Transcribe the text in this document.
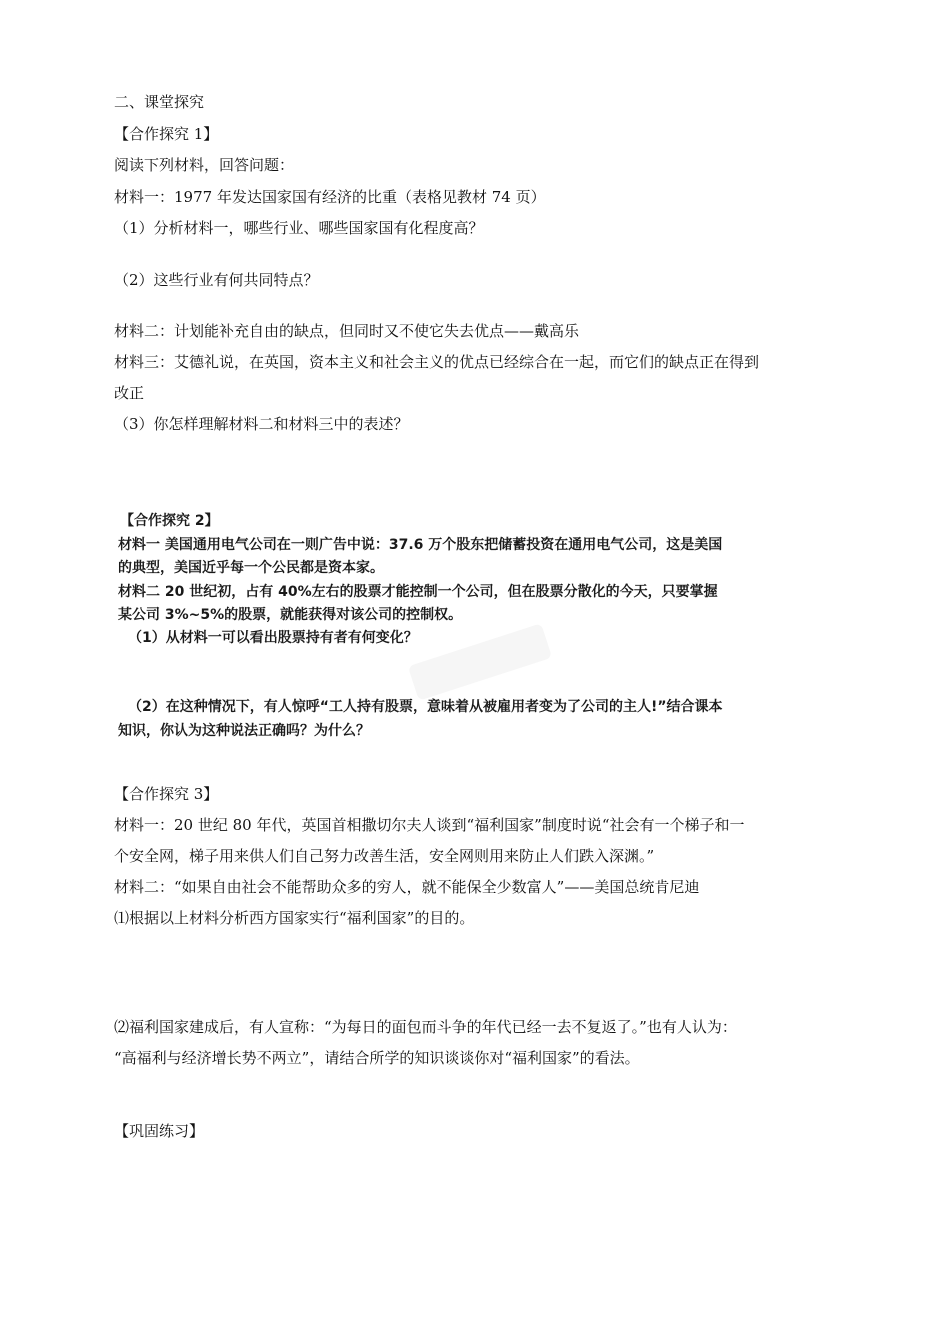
二、课堂探究
【合作探究 1】
阅读下列材料，回答问题：
材料一：1977 年发达国家国有经济的比重（表格见教材 74 页）
（1）分析材料一，哪些行业、哪些国家国有化程度高？
（2）这些行业有何共同特点？
材料二：计划能补充自由的缺点，但同时又不使它失去优点——戴高乐
材料三：艾德礼说，在英国，资本主义和社会主义的优点已经综合在一起，而它们的缺点正在得到
改正
（3）你怎样理解材料二和材料三中的表述？
【合作探究 2】
材料一 美国通用电气公司在一则广告中说：37.6 万个股东把储蓄投资在通用电气公司，这是美国
的典型，美国近乎每一个公民都是资本家。
材料二 20 世纪初，占有 40%左右的股票才能控制一个公司，但在股票分散化的今天，只要掌握
某公司 3%~5%的股票，就能获得对该公司的控制权。
（1）从材料一可以看出股票持有者有何变化？
（2）在这种情况下，有人惊呼“工人持有股票，意味着从被雇用者变为了公司的主人!”结合课本
知识，你认为这种说法正确吗？为什么？
【合作探究 3】
材料一：20 世纪 80 年代，英国首相撒切尔夫人谈到“福利国家”制度时说“社会有一个梯子和一
个安全网，梯子用来供人们自己努力改善生活，安全网则用来防止人们跌入深渊。”
材料二：“如果自由社会不能帮助众多的穷人，就不能保全少数富人”——美国总统肯尼迪
⑴根据以上材料分析西方国家实行“福利国家”的目的。
⑵福利国家建成后，有人宣称：“为每日的面包而斗争的年代已经一去不复返了。”也有人认为：
“高福利与经济增长势不两立”，请结合所学的知识谈谈你对“福利国家”的看法。
【巩固练习】
